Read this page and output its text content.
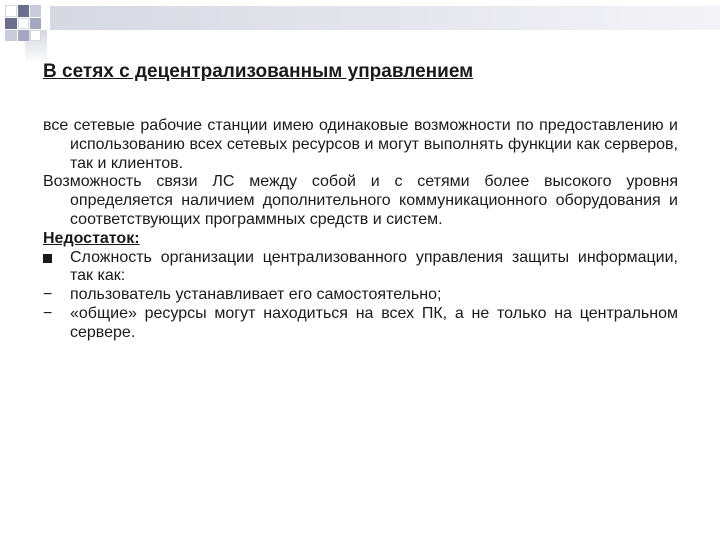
В сетях с децентрализованным управлением
все сетевые рабочие станции имею одинаковые возможности по предоставлению и использованию всех сетевых ресурсов и могут выполнять функции как серверов, так и клиентов.
Возможность связи ЛС между собой и с сетями более высокого уровня определяется наличием дополнительного коммуникационного оборудования и соответствующих программных средств и систем.
Недостаток:
Сложность организации централизованного управления защиты информации, так как:
− пользователь устанавливает его самостоятельно;
− «общие» ресурсы могут находиться на всех ПК, а не только на центральном сервере.
